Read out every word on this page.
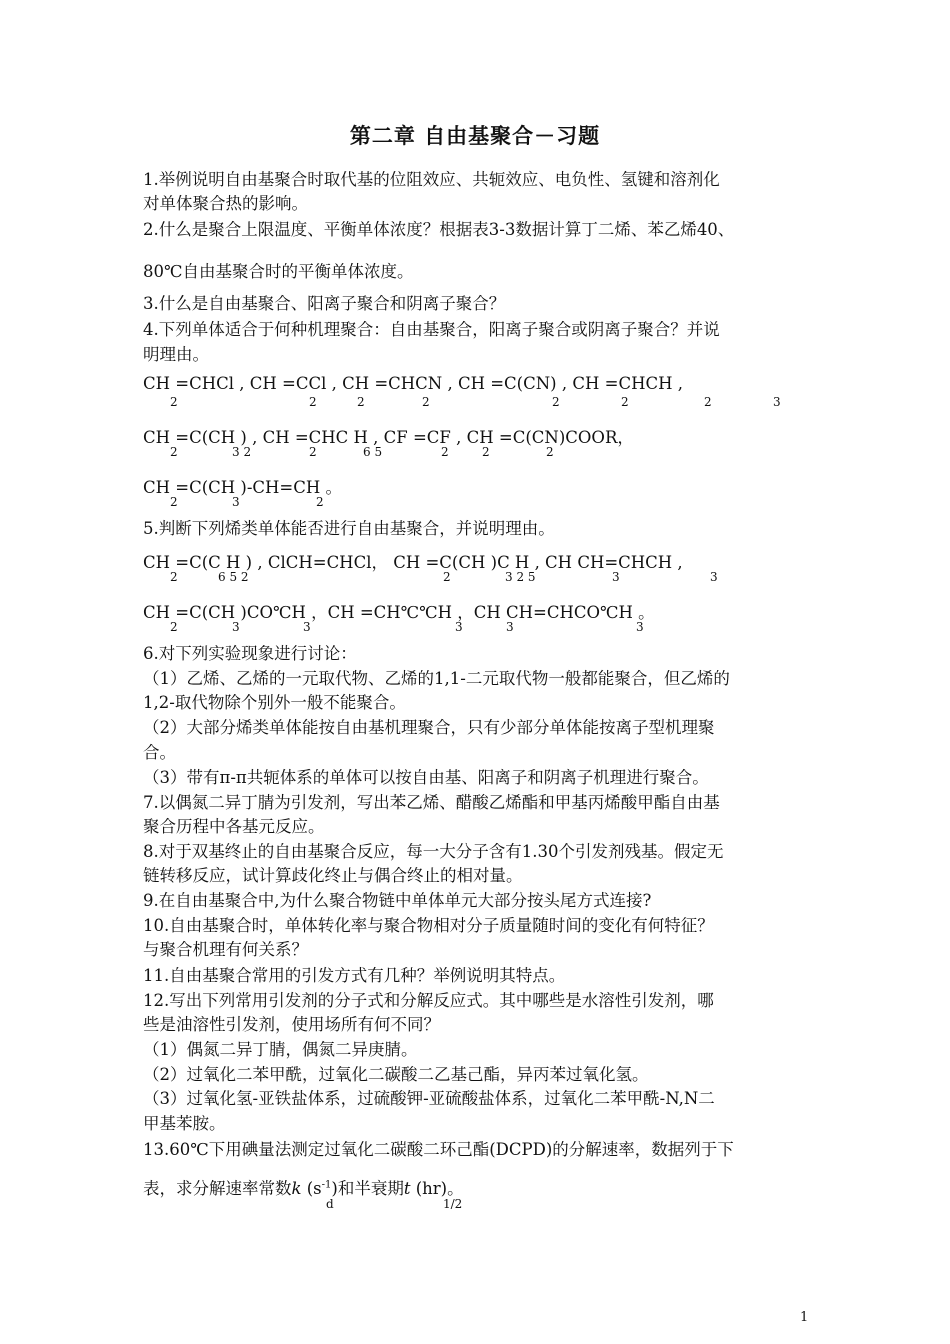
第二章 自由基聚合－习题
1.举例说明自由基聚合时取代基的位阻效应、共轭效应、电负性、氢键和溶剂化
对单体聚合热的影响。
2.什么是聚合上限温度、平衡单体浓度？根据表3-3数据计算丁二烯、苯乙烯40、
80℃自由基聚合时的平衡单体浓度。
3.什么是自由基聚合、阳离子聚合和阴离子聚合？
4.下列单体适合于何种机理聚合：自由基聚合，阳离子聚合或阴离子聚合？并说
明理由。
CH =CHCl , CH =CCl , CH =CHCN , CH =C(CN) , CH =CHCH ,
2	2	2	2	2	2	2	3
CH =C(CH ) , CH =CHC H , CF =CF , CH =C(CN)COOR，
2	3 2	2	6 5	2	2	2
CH =C(CH )-CH=CH 。
2	3	2
5.判断下列烯类单体能否进行自由基聚合，并说明理由。
CH =C(C H ) , ClCH=CHCl， CH =C(CH )C H , CH CH=CHCH ,
2	6 5 2	2	3 2 5	3	3
CH =C(CH )CO℃H ，CH =CH℃℃H ，CH CH=CHCO℃H 。
2	3	3	3	3	3
6.对下列实验现象进行讨论：
（1）乙烯、乙烯的一元取代物、乙烯的1,1-二元取代物一般都能聚合，但乙烯的
1,2-取代物除个别外一般不能聚合。
（2）大部分烯类单体能按自由基机理聚合，只有少部分单体能按离子型机理聚
合。
（3）带有π-π共轭体系的单体可以按自由基、阳离子和阴离子机理进行聚合。
7.以偶氮二异丁腈为引发剂，写出苯乙烯、醋酸乙烯酯和甲基丙烯酸甲酯自由基
聚合历程中各基元反应。
8.对于双基终止的自由基聚合反应，每一大分子含有1.30个引发剂残基。假定无
链转移反应，试计算歧化终止与偶合终止的相对量。
9.在自由基聚合中,为什么聚合物链中单体单元大部分按头尾方式连接?
10.自由基聚合时，单体转化率与聚合物相对分子质量随时间的变化有何特征？
与聚合机理有何关系？
11.自由基聚合常用的引发方式有几种？举例说明其特点。
12.写出下列常用引发剂的分子式和分解反应式。其中哪些是水溶性引发剂，哪
些是油溶性引发剂，使用场所有何不同？
（1）偶氮二异丁腈，偶氮二异庚腈。
（2）过氧化二苯甲酰，过氧化二碳酸二乙基己酯，异丙苯过氧化氢。
（3）过氧化氢-亚铁盐体系，过硫酸钾-亚硫酸盐体系，过氧化二苯甲酰-N,N二
甲基苯胺。
13.60℃下用碘量法测定过氧化二碳酸二环己酯(DCPD)的分解速率，数据列于下
表，求分解速率常数k $(s^{-1})$和半衰期t (hr)。
d	1/2
1
